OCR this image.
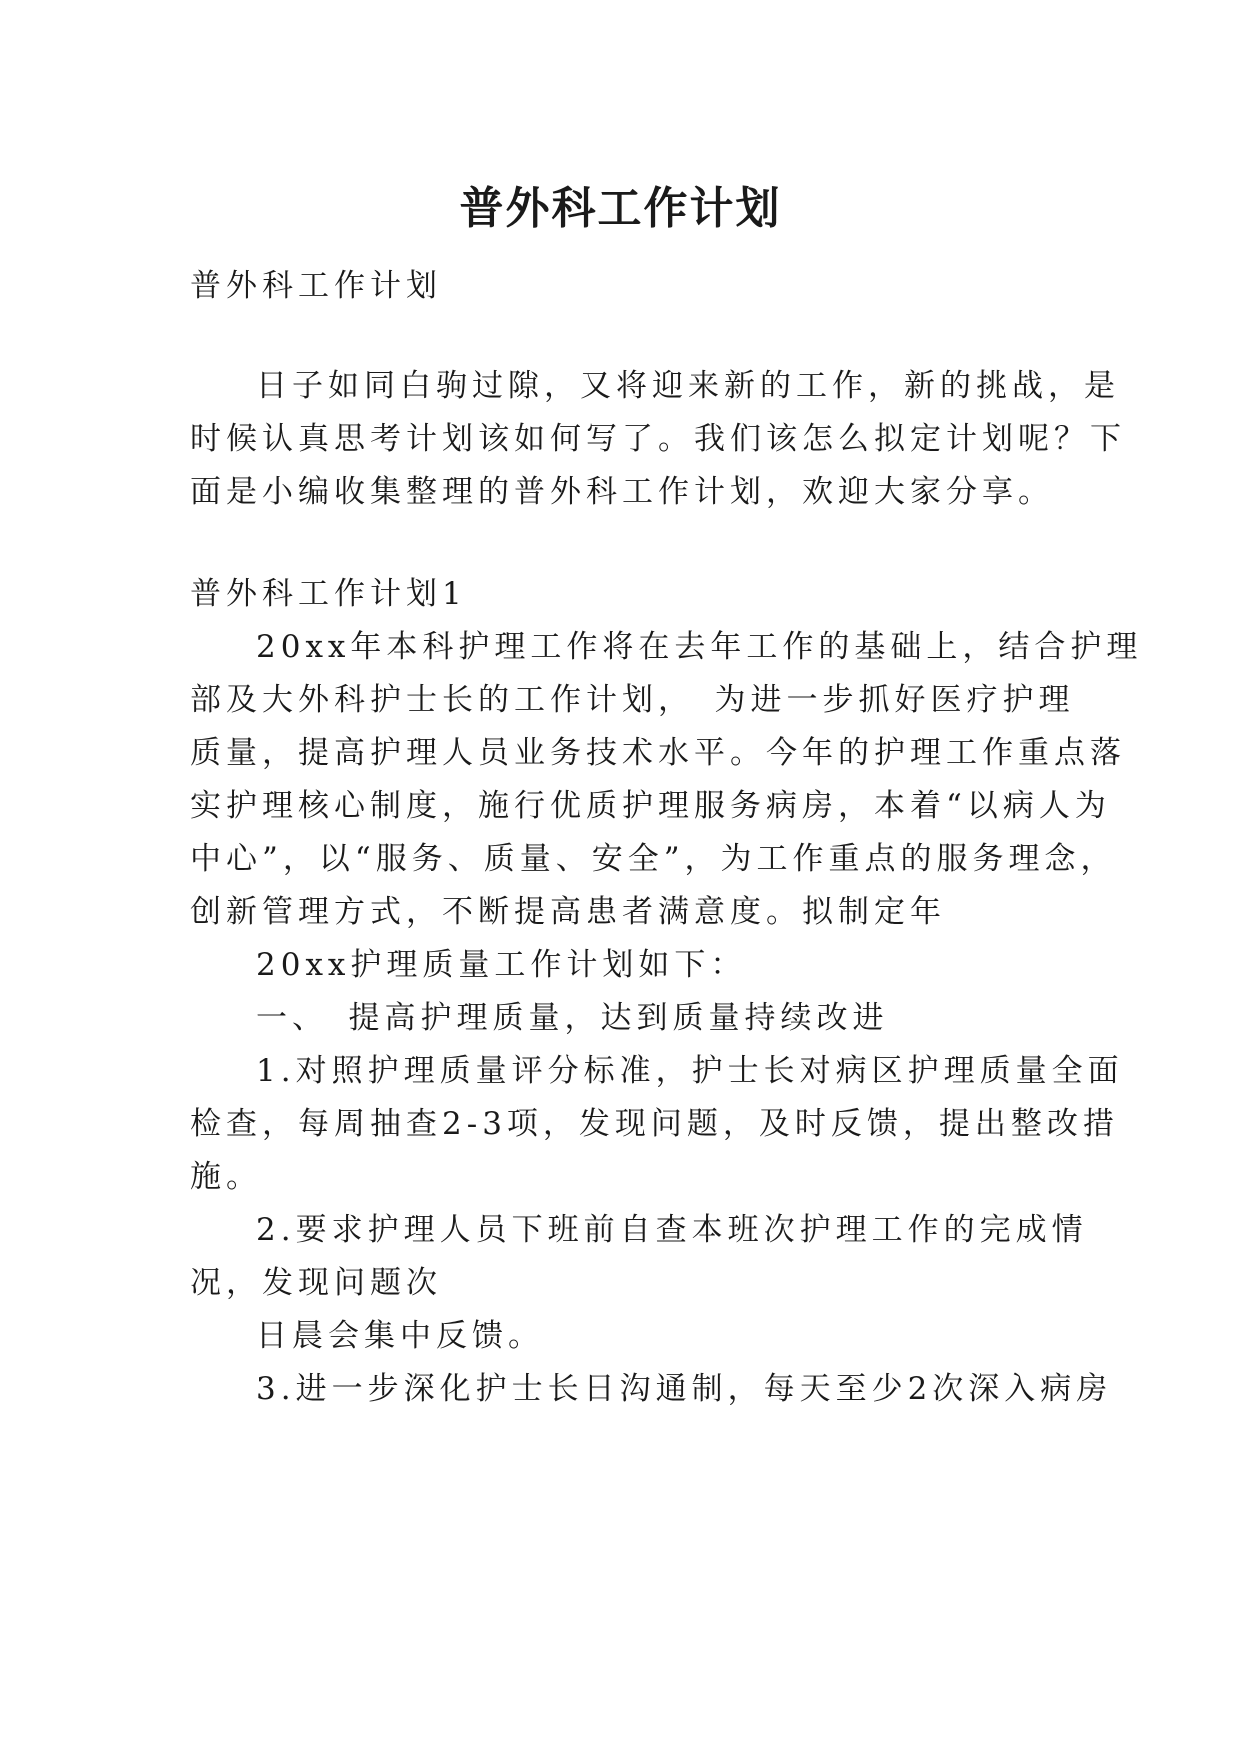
普外科工作计划

普外科工作计划

日子如同白驹过隙，又将迎来新的工作，新的挑战，是

时候认真思考计划该如何写了。我们该怎么拟定计划呢？下

面是小编收集整理的普外科工作计划，欢迎大家分享。

普外科工作计划1

20xx年本科护理工作将在去年工作的基础上，结合护理

部及大外科护士长的工作计划，　为进一步抓好医疗护理

质量，提高护理人员业务技术水平。今年的护理工作重点落

实护理核心制度，施行优质护理服务病房，本着“以病人为

中心”，以“服务、质量、安全”，为工作重点的服务理念，

创新管理方式，不断提高患者满意度。拟制定年

20xx护理质量工作计划如下：

一、　提高护理质量，达到质量持续改进

1.对照护理质量评分标准，护士长对病区护理质量全面

检查，每周抽查2-3项，发现问题，及时反馈，提出整改措

施。

2.要求护理人员下班前自查本班次护理工作的完成情

况，发现问题次

日晨会集中反馈。

3.进一步深化护士长日沟通制，每天至少2次深入病房
